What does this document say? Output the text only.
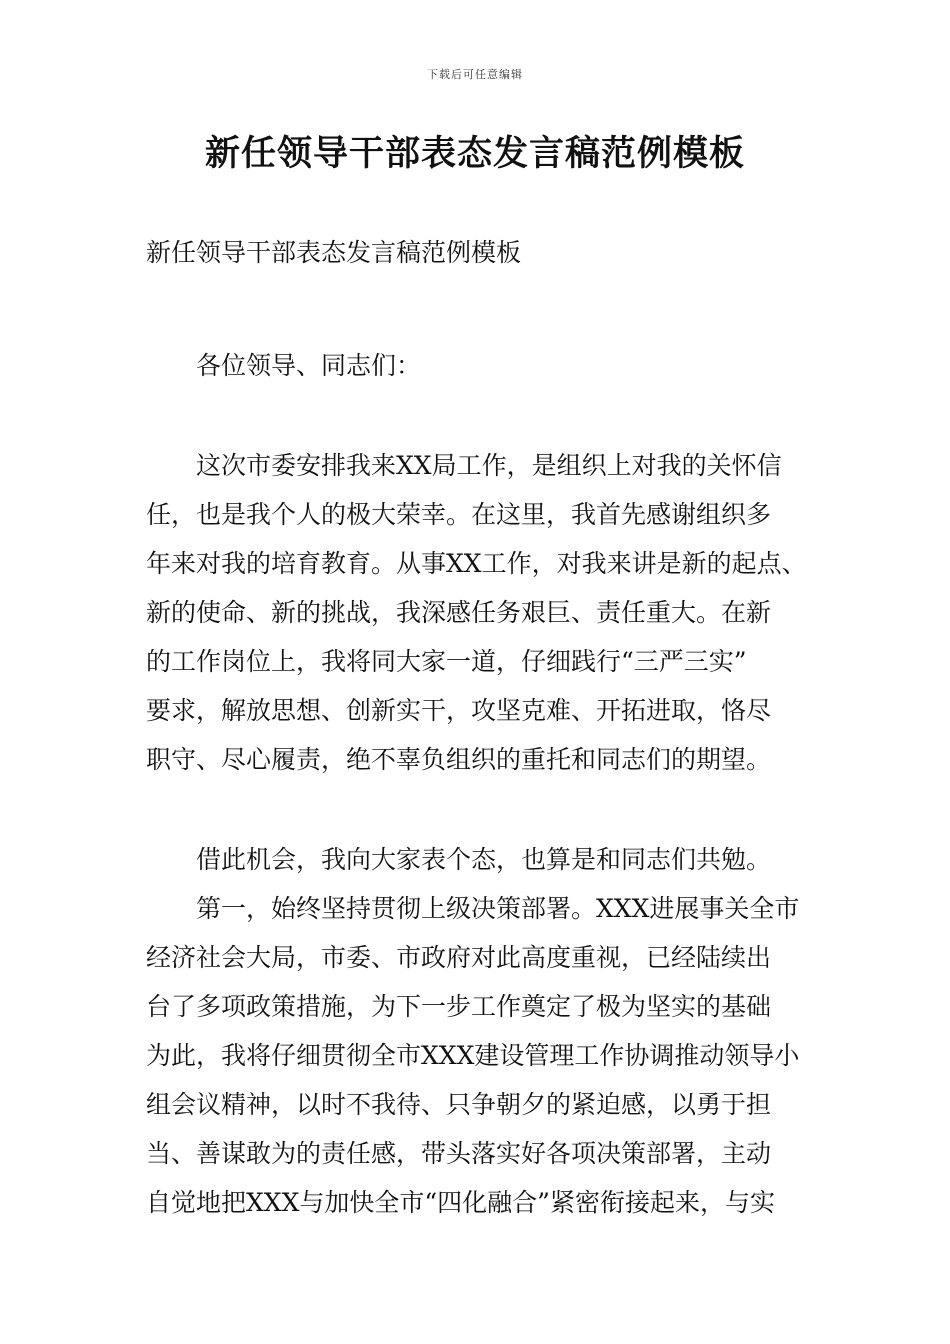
下载后可任意编辑
新任领导干部表态发言稿范例模板
新任领导干部表态发言稿范例模板
各位领导、同志们：
这次市委安排我来XX局工作，是组织上对我的关怀信
任，也是我个人的极大荣幸。在这里，我首先感谢组织多
年来对我的培育教育。从事XX工作，对我来讲是新的起点、
新的使命、新的挑战，我深感任务艰巨、责任重大。在新
的工作岗位上，我将同大家一道，仔细践行“三严三实”
要求，解放思想、创新实干，攻坚克难、开拓进取，恪尽
职守、尽心履责，绝不辜负组织的重托和同志们的期望。
借此机会，我向大家表个态，也算是和同志们共勉。
第一，始终坚持贯彻上级决策部署。XXX进展事关全市
经济社会大局，市委、市政府对此高度重视，已经陆续出
台了多项政策措施，为下一步工作奠定了极为坚实的基础
为此，我将仔细贯彻全市XXX建设管理工作协调推动领导小
组会议精神，以时不我待、只争朝夕的紧迫感，以勇于担
当、善谋敢为的责任感，带头落实好各项决策部署，主动
自觉地把XXX与加快全市“四化融合”紧密衔接起来，与实
